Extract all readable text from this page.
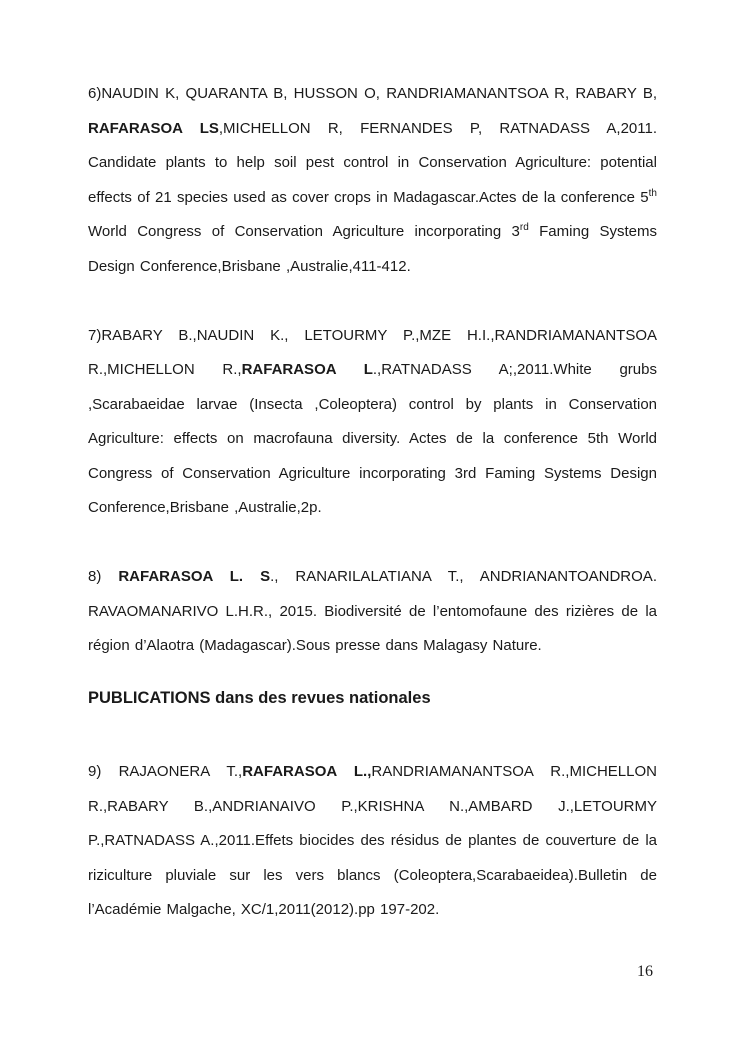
6)NAUDIN K, QUARANTA B, HUSSON O, RANDRIAMANANTSOA R, RABARY B, RAFARASOA LS,MICHELLON R, FERNANDES P, RATNADASS A,2011. Candidate plants to help soil pest control in Conservation Agriculture: potential effects of 21 species used as cover crops in Madagascar.Actes de la conference 5th World Congress of Conservation Agriculture incorporating 3rd Faming Systems Design Conference,Brisbane ,Australie,411-412.

7)RABARY B.,NAUDIN K., LETOURMY P.,MZE H.I.,RANDRIAMANANTSOA R.,MICHELLON R.,RAFARASOA L.,RATNADASS A;,2011.White grubs ,Scarabaeidae larvae (Insecta ,Coleoptera) control by plants in Conservation Agriculture: effects on macrofauna diversity. Actes de la conference 5th World Congress of Conservation Agriculture incorporating 3rd Faming Systems Design Conference,Brisbane ,Australie,2p.

8) RAFARASOA L. S., RANARILALATIANA T., ANDRIANANTOANDROA. RAVAOMANARIVO L.H.R., 2015. Biodiversité de l’entomofaune des rizières de la région d’Alaotra (Madagascar).Sous presse dans Malagasy Nature.

PUBLICATIONS dans des revues nationales

9) RAJAONERA T.,RAFARASOA L.,RANDRIAMANANTSOA R.,MICHELLON R.,RABARY B.,ANDRIANAIVO P.,KRISHNA N.,AMBARD J.,LETOURMY P.,RATNADASS A.,2011.Effets biocides des résidus de plantes de couverture de la riziculture pluviale sur les vers blancs (Coleoptera,Scarabaeidea).Bulletin de l’Académie Malgache, XC/1,2011(2012).pp 197-202.

16
